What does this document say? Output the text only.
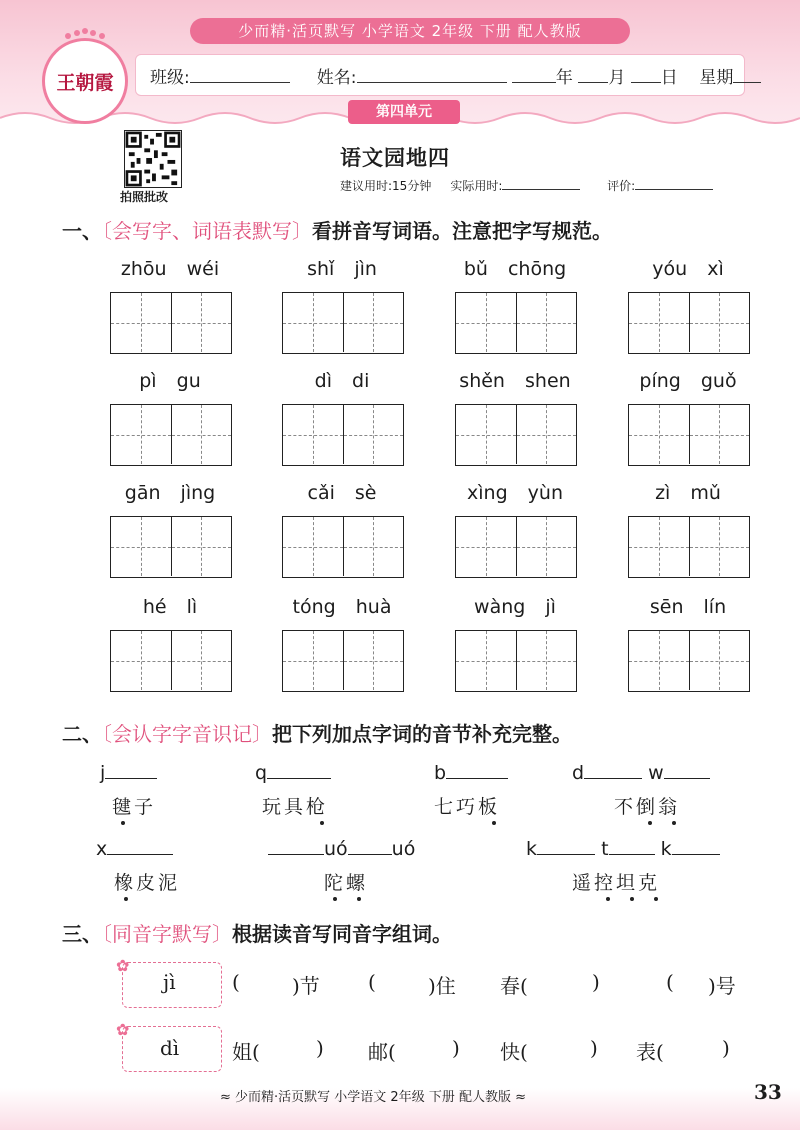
少而精·活页默写 小学语文 2年级 下册 配人教版
王朝霞	班级:	姓名:	年 月 日 星期
第四单元
拍照批改
语文园地四
建议用时:15分钟 实际用时:	评价:
一、〔会写字、词语表默写〕看拼音写词语。注意把字写规范。
zhōu wéi	shǐ jìn	bǔ chōng	yóu xì
pì gu	dì di	shěn shen	píng guǒ
gān jìng	cǎi sè	xìng yùn	zì mǔ
hé lì	tóng huà	wàng jì	sēn lín
二、〔会认字字音识记〕把下列加点字词的音节补充完整。
j
毽子
q
玩具枪
b
七巧板
d	w
不倒翁
x
橡皮泥
uó uó
陀螺
k	t	k
遥控坦克
三、〔同音字默写〕根据读音写同音字组词。
✿
jì	(	)节 (	)住 春(	)	( )号
✿
dì	姐(	) 邮(	) 快(	) 表(	)
≈ 少而精·活页默写 小学语文 2年级 下册 配人教版 ≈	33
